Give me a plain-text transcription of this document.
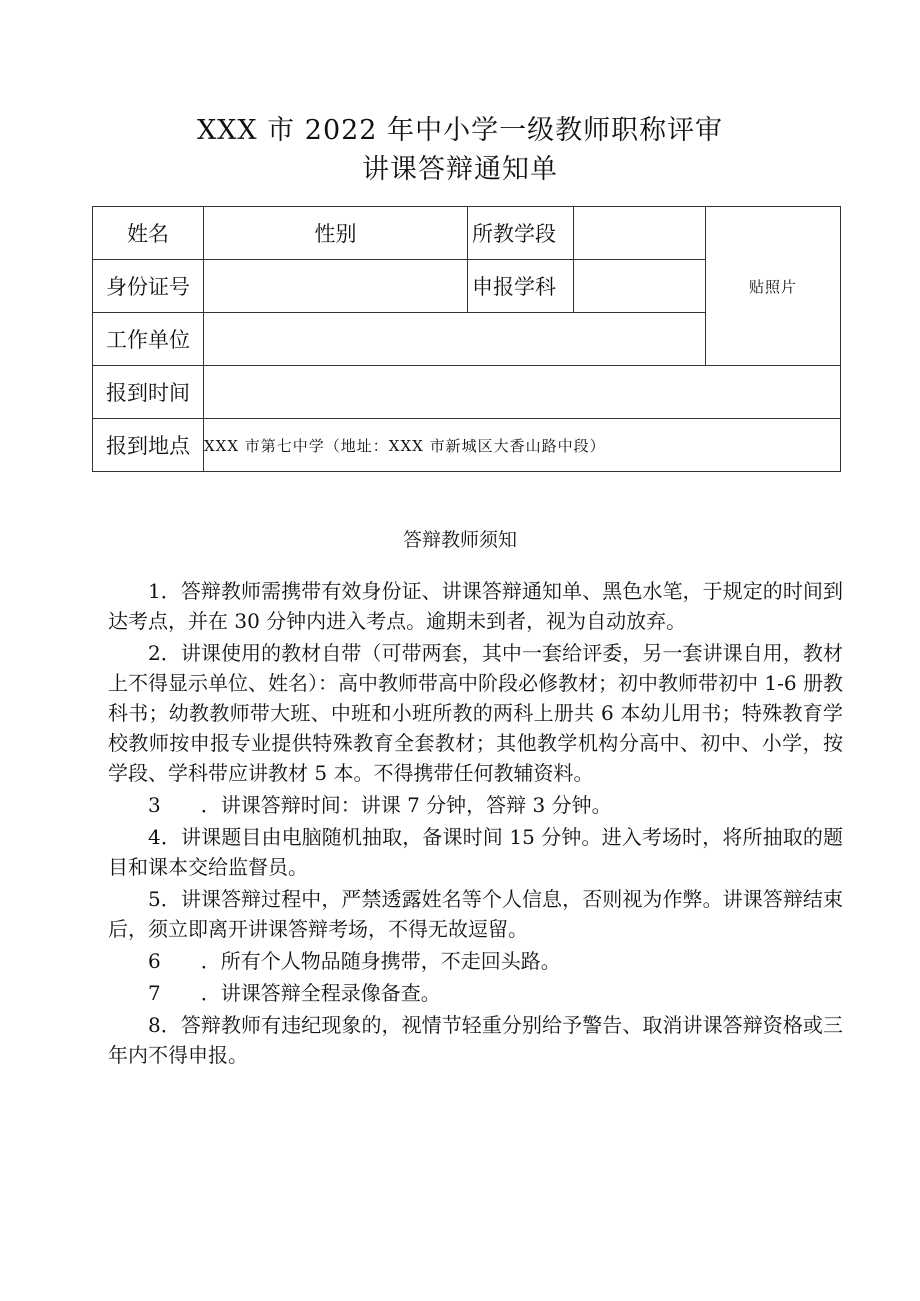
XXX 市 2022 年中小学一级教师职称评审
讲课答辩通知单
姓名	性别	所教学段		贴照片
身份证号		申报学科		
工作单位				
报到时间				
报到地点	XXX 市第七中学（地址：XXX 市新城区大香山路中段）			
答辩教师须知

1．答辩教师需携带有效身份证、讲课答辩通知单、黑色水笔，于规定的时间到达考点，并在 30 分钟内进入考点。逾期未到者，视为自动放弃。

2．讲课使用的教材自带（可带两套，其中一套给评委，另一套讲课自用，教材上不得显示单位、姓名）：高中教师带高中阶段必修教材；初中教师带初中 1-6 册教科书；幼教教师带大班、中班和小班所教的两科上册共 6 本幼儿用书；特殊教育学校教师按申报专业提供特殊教育全套教材；其他教学机构分高中、初中、小学，按学段、学科带应讲教材 5 本。不得携带任何教辅资料。

3　　．讲课答辩时间：讲课 7 分钟，答辩 3 分钟。

4．讲课题目由电脑随机抽取，备课时间 15 分钟。进入考场时，将所抽取的题目和课本交给监督员。

5．讲课答辩过程中，严禁透露姓名等个人信息，否则视为作弊。讲课答辩结束后，须立即离开讲课答辩考场，不得无故逗留。

6　　．所有个人物品随身携带，不走回头路。

7　　．讲课答辩全程录像备查。

8．答辩教师有违纪现象的，视情节轻重分别给予警告、取消讲课答辩资格或三年内不得申报。
